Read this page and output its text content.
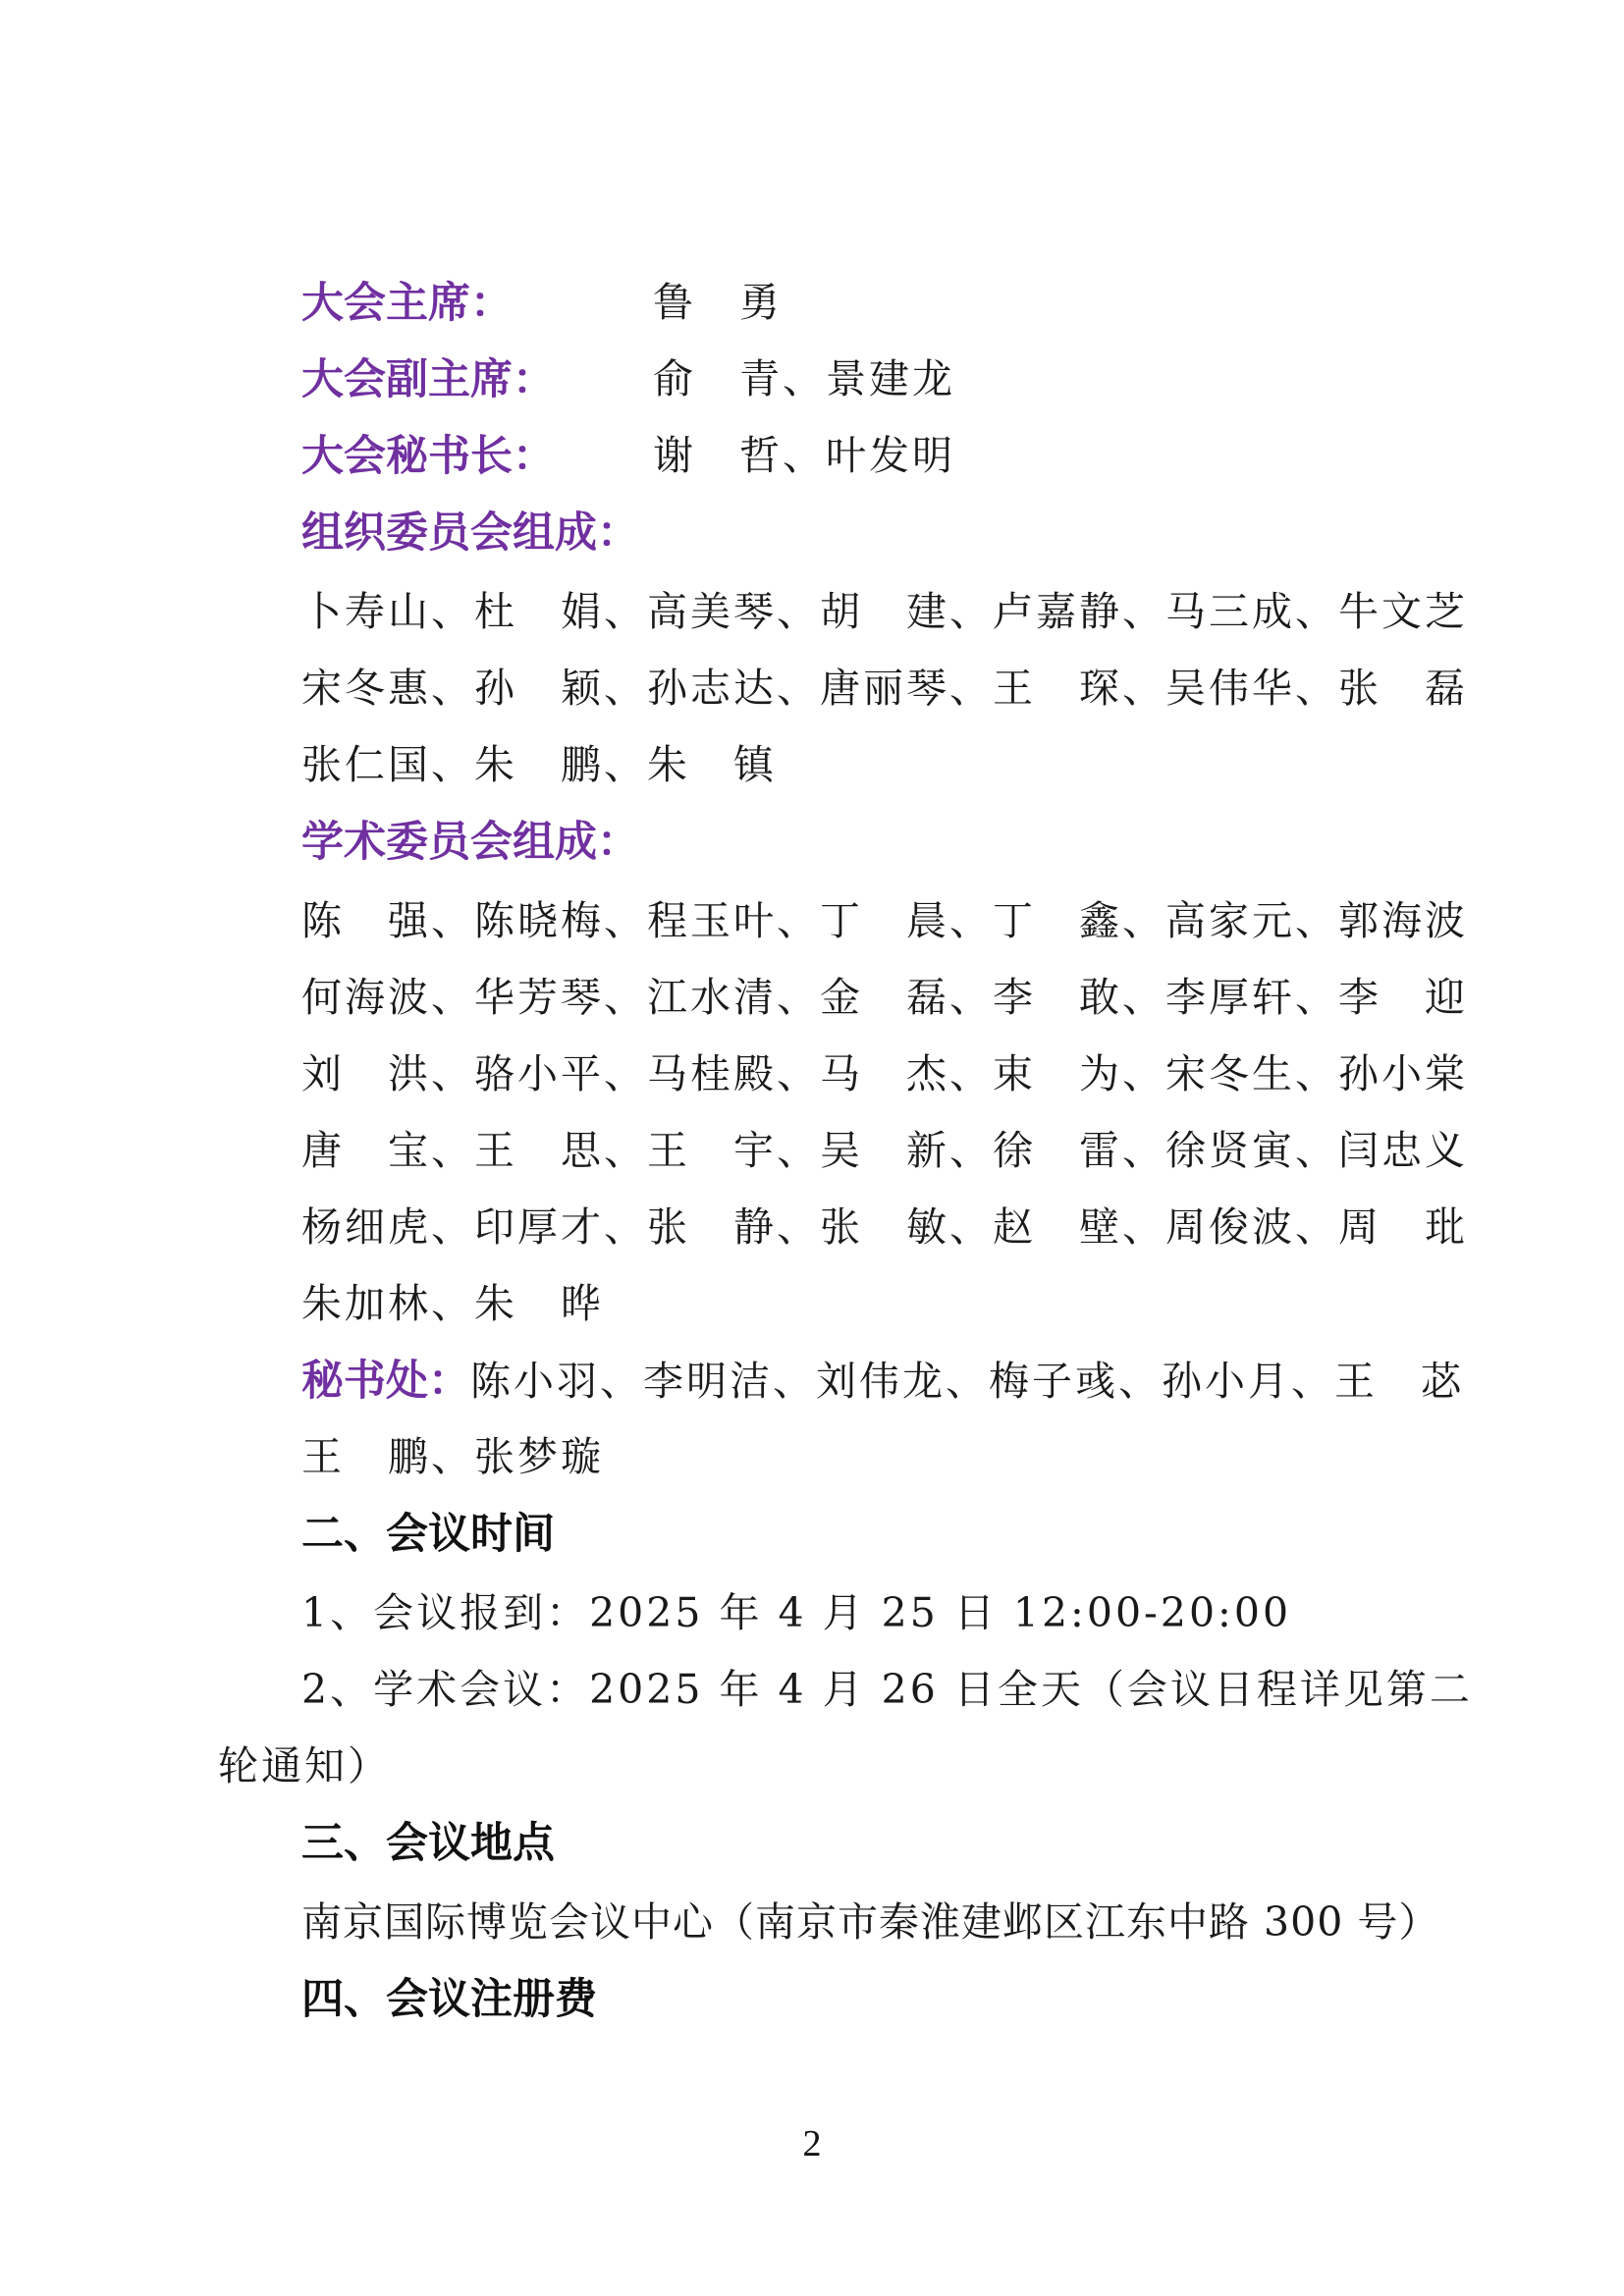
大会主席：	鲁　勇
大会副主席： 俞　青、景建龙
大会秘书长： 谢　哲、叶发明
组织委员会组成：
卜寿山、杜　娟、高美琴、胡　建、卢嘉静、马三成、牛文芝
宋冬惠、孙　颖、孙志达、唐丽琴、王　琛、吴伟华、张　磊
张仁国、朱　鹏、朱　镇
学术委员会组成：
陈　强、陈晓梅、程玉叶、丁　晨、丁　鑫、高家元、郭海波
何海波、华芳琴、江水清、金　磊、李　敢、李厚轩、李　迎
刘　洪、骆小平、马桂殿、马　杰、束　为、宋冬生、孙小棠
唐　宝、王　思、王　宇、吴　新、徐　雷、徐贤寅、闫忠义
杨细虎、印厚才、张　静、张　敏、赵　壁、周俊波、周　玭
朱加林、朱　晔
秘书处：陈小羽、李明洁、刘伟龙、梅子彧、孙小月、王　苾
王　鹏、张梦璇
二、会议时间
1、会议报到：2025 年 4 月 25 日 12:00-20:00
2、学术会议：2025 年 4 月 26 日全天（会议日程详见第二
轮通知）
三、会议地点
南京国际博览会议中心（南京市秦淮建邺区江东中路 300 号）
四、会议注册费
2
